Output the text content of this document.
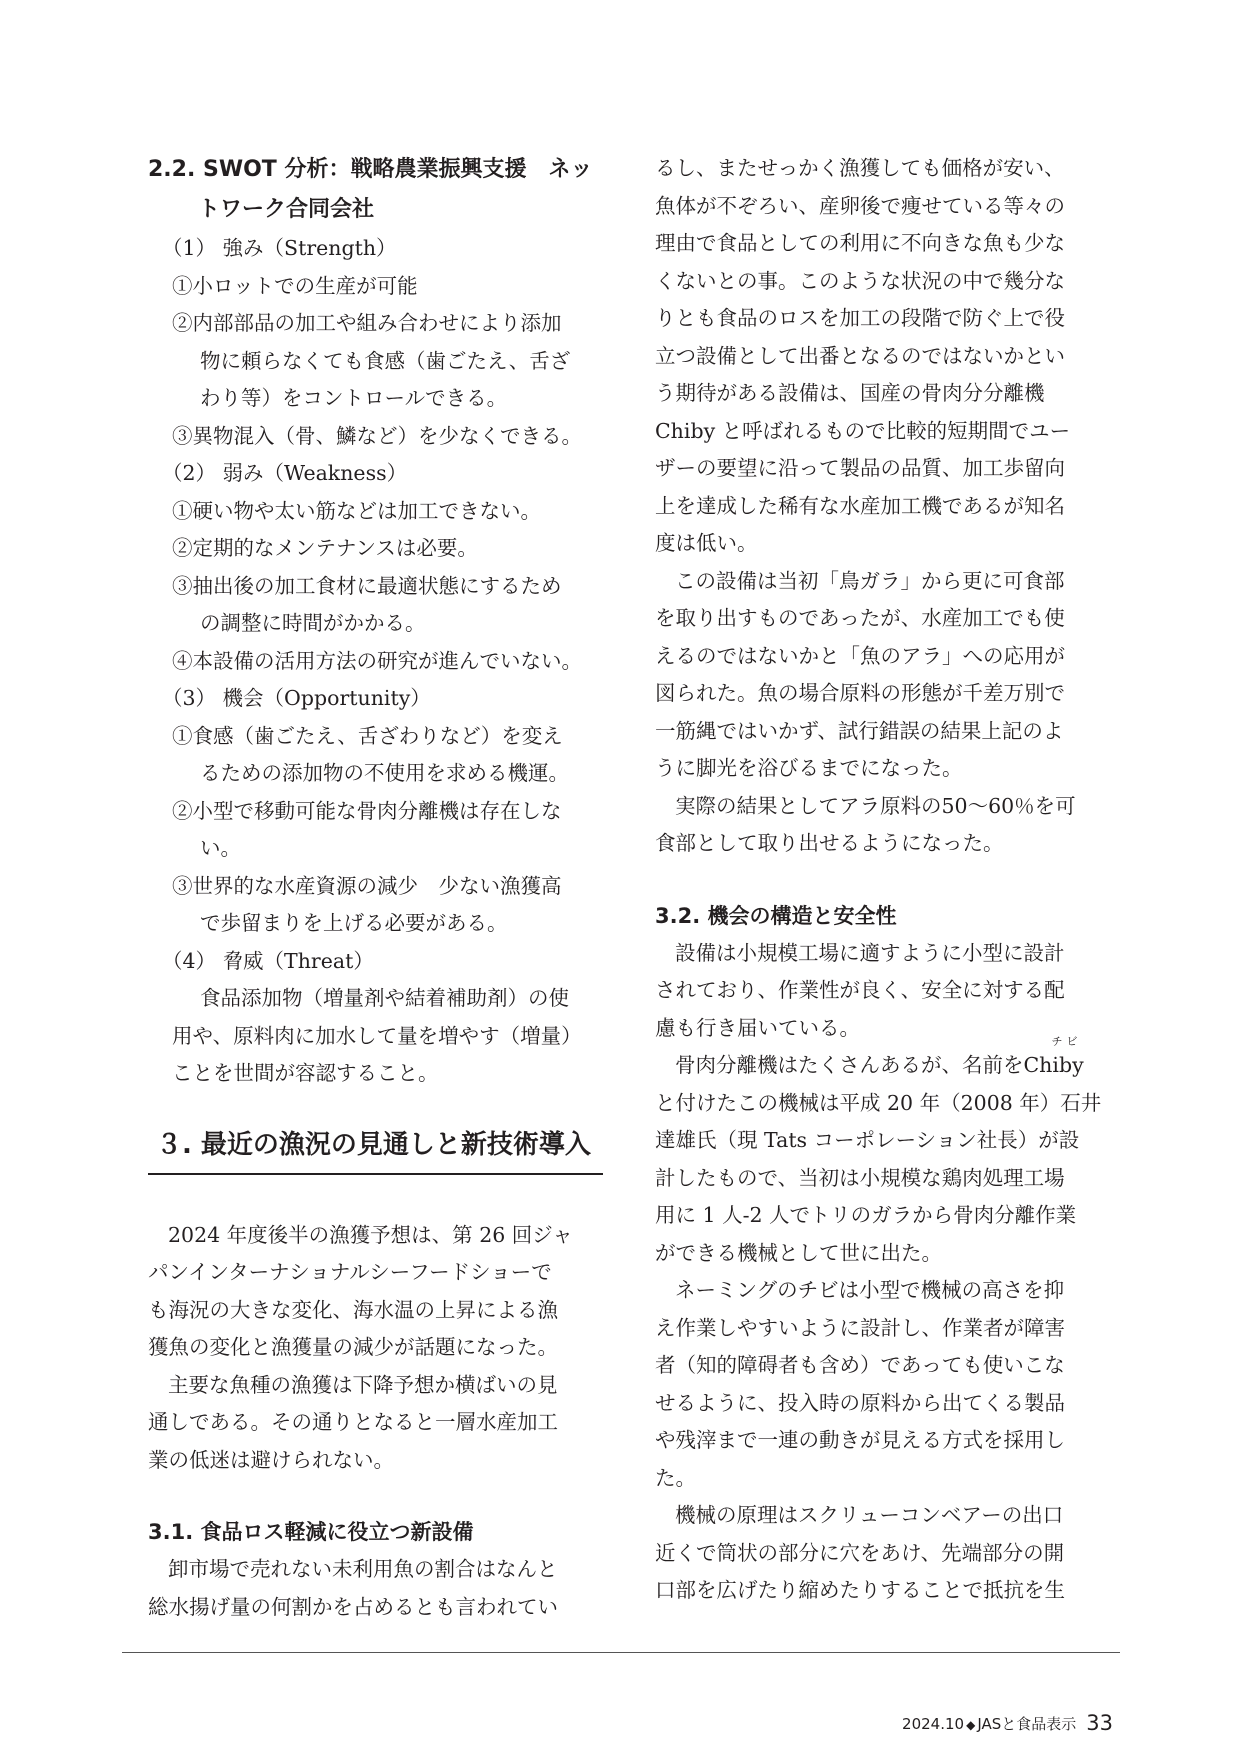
2.2. SWOT 分析：戦略農業振興支援　ネッ
トワーク合同会社
（1） 強み（Strength）
①小ロットでの生産が可能
②内部部品の加工や組み合わせにより添加
物に頼らなくても食感（歯ごたえ、舌ざ
わり等）をコントロールできる。
③異物混入（骨、鱗など）を少なくできる。
（2） 弱み（Weakness）
①硬い物や太い筋などは加工できない。
②定期的なメンテナンスは必要。
③抽出後の加工食材に最適状態にするため
の調整に時間がかかる。
④本設備の活用方法の研究が進んでいない。
（3） 機会（Opportunity）
①食感（歯ごたえ、舌ざわりなど）を変え
るための添加物の不使用を求める機運。
②小型で移動可能な骨肉分離機は存在しな
い。
③世界的な水産資源の減少　少ない漁獲高
で歩留まりを上げる必要がある。
（4） 脅威（Threat）
食品添加物（増量剤や結着補助剤）の使
用や、原料肉に加水して量を増やす（増量）
ことを世間が容認すること。
３. 最近の漁況の見通しと新技術導入
2024 年度後半の漁獲予想は、第 26 回ジャ
パンインターナショナルシーフードショーで
も海況の大きな変化、海水温の上昇による漁
獲魚の変化と漁獲量の減少が話題になった。
主要な魚種の漁獲は下降予想か横ばいの見
通しである。その通りとなると一層水産加工
業の低迷は避けられない。
3.1. 食品ロス軽減に役立つ新設備
卸市場で売れない未利用魚の割合はなんと
総水揚げ量の何割かを占めるとも言われてい
るし、またせっかく漁獲しても価格が安い、
魚体が不ぞろい、産卵後で痩せている等々の
理由で食品としての利用に不向きな魚も少な
くないとの事。このような状況の中で幾分な
りとも食品のロスを加工の段階で防ぐ上で役
立つ設備として出番となるのではないかとい
う期待がある設備は、国産の骨肉分分離機
Chiby と呼ばれるもので比較的短期間でユー
ザーの要望に沿って製品の品質、加工歩留向
上を達成した稀有な水産加工機であるが知名
度は低い。
この設備は当初「鳥ガラ」から更に可食部
を取り出すものであったが、水産加工でも使
えるのではないかと「魚のアラ」への応用が
図られた。魚の場合原料の形態が千差万別で
一筋縄ではいかず、試行錯誤の結果上記のよ
うに脚光を浴びるまでになった。
実際の結果としてアラ原料の50～60％を可
食部として取り出せるようになった。
3.2. 機会の構造と安全性
設備は小規模工場に適すように小型に設計
されており、作業性が良く、安全に対する配
慮も行き届いている。
骨肉分離機はたくさんあるが、名前を
チビ
Chiby
と付けたこの機械は平成 20 年（2008 年）石井
達雄氏（現 Tats コーポレーション社長）が設
計したもので、当初は小規模な鶏肉処理工場
用に 1 人-2 人でトリのガラから骨肉分離作業
ができる機械として世に出た。
ネーミングのチビは小型で機械の高さを抑
え作業しやすいように設計し、作業者が障害
者（知的障碍者も含め）であっても使いこな
せるように、投入時の原料から出てくる製品
や残滓まで一連の動きが見える方式を採用し
た。
機械の原理はスクリューコンベアーの出口
近くで筒状の部分に穴をあけ、先端部分の開
口部を広げたり縮めたりすることで抵抗を生
2024.10 ◆ JASと食品表示 33
